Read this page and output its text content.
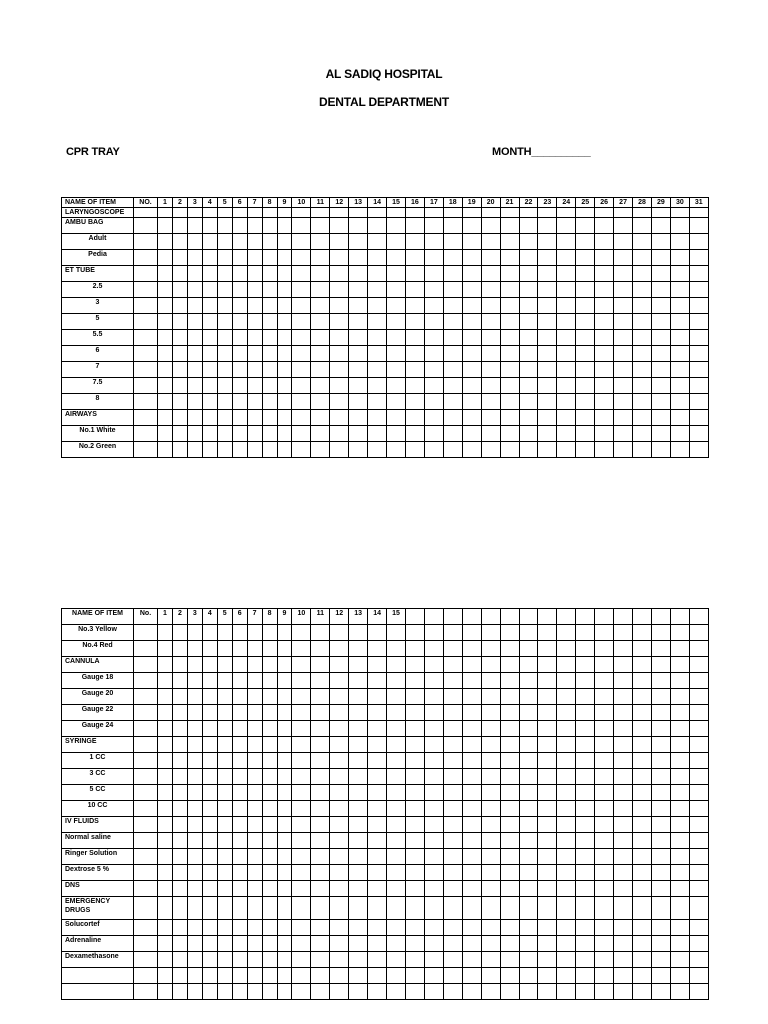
AL SADIQ HOSPITAL
DENTAL DEPARTMENT
CPR TRAY	MONTH__________
NAME OF ITEM	NO.	1	2	3	4	5	6	7	8	9	10	11	12	13	14	15	16	17	18	19	20	21	22	23	24	25	26	27	28	29	30	31
LARYNGOSCOPE																																
AMBU BAG																																
Adult																																
Pedia																																
ET TUBE																																
2.5																																
3																																
5																																
5.5																																
6																																
7																																
7.5																																
8																																
AIRWAYS																																
No.1 White																																
No.2 Green																																
NAME OF ITEM	No.	1	2	3	4	5	6	7	8	9	10	11	12	13	14	15																
No.3 Yellow																																
No.4 Red																																
CANNULA																																
Gauge 18																																
Gauge 20																																
Gauge 22																																
Gauge 24																																
SYRINGE																																
1 CC																																
3 CC																																
5 CC																																
10 CC																																
IV FLUIDS																																
Normal saline																																
Ringer Solution																																
Dextrose 5 %																																
DNS																																
EMERGENCY DRUGS																																
Solucortef																																
Adrenaline																																
Dexamethasone																																
